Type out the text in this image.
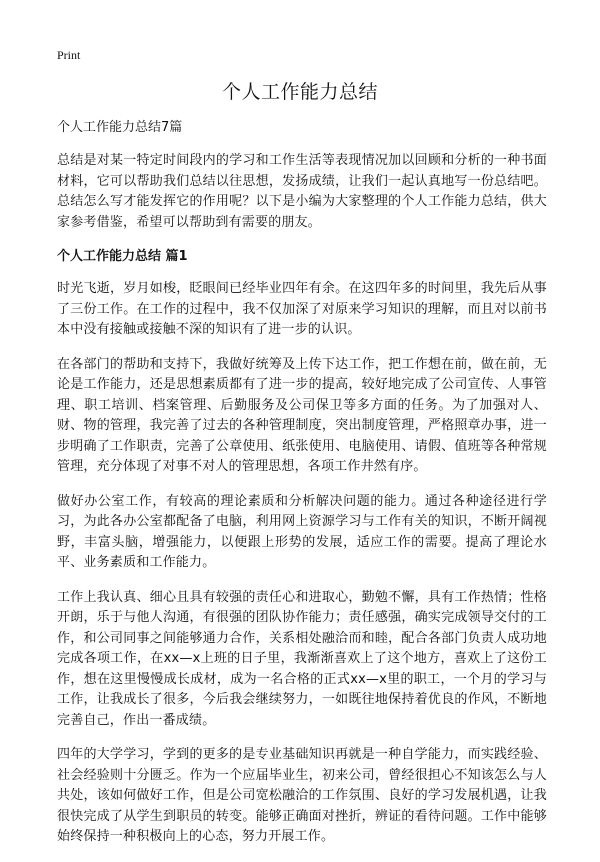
Print
个人工作能力总结

个人工作能力总结7篇

总结是对某一特定时间段内的学习和工作生活等表现情况加以回顾和分析的一种书面材料，它可以帮助我们总结以往思想，发扬成绩，让我们一起认真地写一份总结吧。总结怎么写才能发挥它的作用呢？以下是小编为大家整理的个人工作能力总结，供大家参考借鉴，希望可以帮助到有需要的朋友。

个人工作能力总结 篇1

时光飞逝，岁月如梭，眨眼间已经毕业四年有余。在这四年多的时间里，我先后从事了三份工作。在工作的过程中，我不仅加深了对原来学习知识的理解，而且对以前书本中没有接触或接触不深的知识有了进一步的认识。

在各部门的帮助和支持下，我做好统筹及上传下达工作，把工作想在前，做在前，无论是工作能力，还是思想素质都有了进一步的提高，较好地完成了公司宣传、人事管理、职工培训、档案管理、后勤服务及公司保卫等多方面的任务。为了加强对人、财、物的管理，我完善了过去的各种管理制度，突出制度管理，严格照章办事，进一步明确了工作职责，完善了公章使用、纸张使用、电脑使用、请假、值班等各种常规管理，充分体现了对事不对人的管理思想，各项工作井然有序。

做好办公室工作，有较高的理论素质和分析解决问题的能力。通过各种途径进行学习，为此各办公室都配备了电脑，利用网上资源学习与工作有关的知识，不断开阔视野，丰富头脑，增强能力，以便跟上形势的发展，适应工作的需要。提高了理论水平、业务素质和工作能力。

工作上我认真、细心且具有较强的责任心和进取心，勤勉不懈，具有工作热情；性格开朗，乐于与他人沟通，有很强的团队协作能力；责任感强，确实完成领导交付的工作，和公司同事之间能够通力合作，关系相处融洽而和睦，配合各部门负责人成功地完成各项工作，在xx—x上班的日子里，我渐渐喜欢上了这个地方，喜欢上了这份工作，想在这里慢慢成长成材，成为一名合格的正式xx—x里的职工，一个月的学习与工作，让我成长了很多，今后我会继续努力，一如既往地保持着优良的作风，不断地完善自己，作出一番成绩。

四年的大学学习，学到的更多的是专业基础知识再就是一种自学能力，而实践经验、社会经验则十分匮乏。作为一个应届毕业生，初来公司，曾经很担心不知该怎么与人共处，该如何做好工作，但是公司宽松融洽的工作氛围、良好的学习发展机遇，让我很快完成了从学生到职员的转变。能够正确面对挫折，辨证的看待问题。工作中能够始终保持一种积极向上的心态，努力开展工作。
